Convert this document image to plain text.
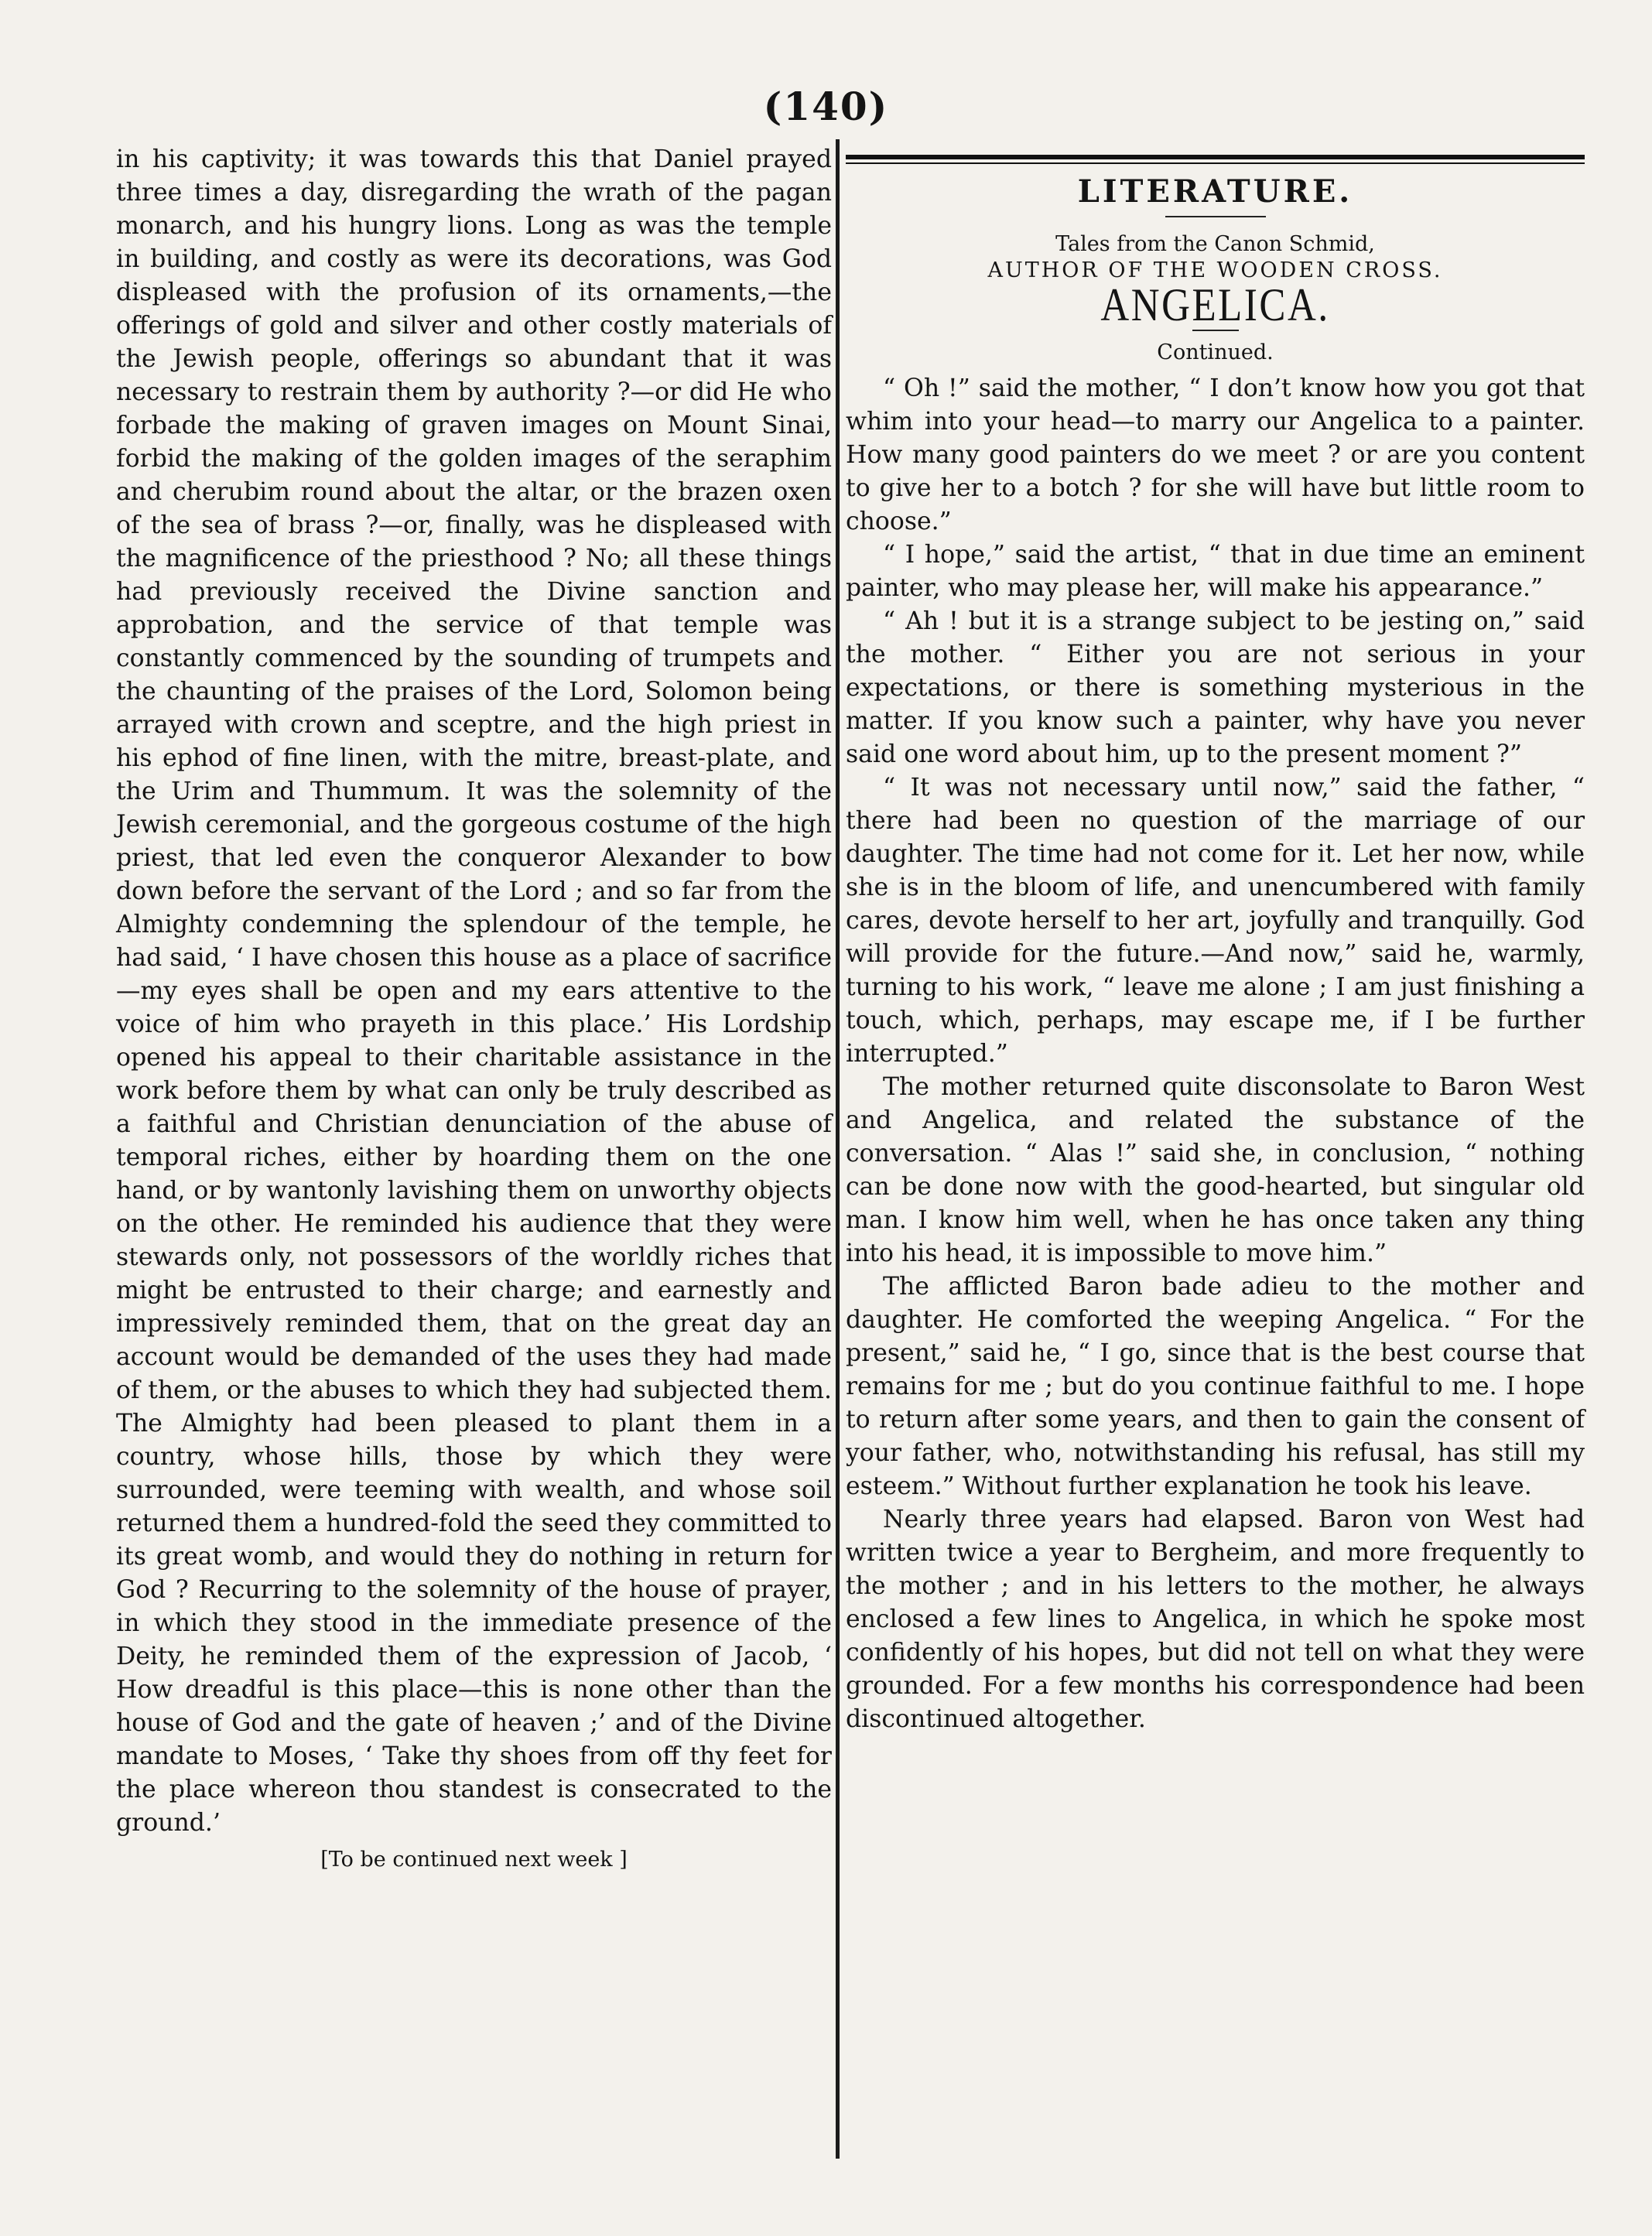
(140)

in his captivity; it was towards this that Daniel prayed three times a day, disregarding the wrath of the pagan monarch, and his hungry lions. Long as was the temple in building, and costly as were its decorations, was God displeased with the profusion of its ornaments,—the offerings of gold and silver and other costly materials of the Jewish people, offerings so abundant that it was necessary to restrain them by authority ?—or did He who forbade the making of graven images on Mount Sinai, forbid the making of the golden images of the seraphim and cherubim round about the altar, or the brazen oxen of the sea of brass ?—or, finally, was he displeased with the magnificence of the priesthood ? No; all these things had previously received the Divine sanction and approbation, and the service of that temple was constantly commenced by the sounding of trumpets and the chaunting of the praises of the Lord, Solomon being arrayed with crown and sceptre, and the high priest in his ephod of fine linen, with the mitre, breast-plate, and the Urim and Thummum. It was the solemnity of the Jewish ceremonial, and the gorgeous costume of the high priest, that led even the conqueror Alexander to bow down before the servant of the Lord ; and so far from the Almighty condemning the splendour of the temple, he had said, ‘ I have chosen this house as a place of sacrifice —my eyes shall be open and my ears attentive to the voice of him who prayeth in this place.’ His Lordship opened his appeal to their charitable assistance in the work before them by what can only be truly described as a faithful and Christian denunciation of the abuse of temporal riches, either by hoarding them on the one hand, or by wantonly lavishing them on unworthy objects on the other. He reminded his audience that they were stewards only, not possessors of the worldly riches that might be entrusted to their charge; and earnestly and impressively reminded them, that on the great day an account would be demanded of the uses they had made of them, or the abuses to which they had subjected them. The Almighty had been pleased to plant them in a country, whose hills, those by which they were surrounded, were teeming with wealth, and whose soil returned them a hundred-fold the seed they committed to its great womb, and would they do nothing in return for God ? Recurring to the solemnity of the house of prayer, in which they stood in the immediate presence of the Deity, he reminded them of the expression of Jacob, ‘ How dreadful is this place—this is none other than the house of God and the gate of heaven ;’ and of the Divine mandate to Moses, ‘ Take thy shoes from off thy feet for the place whereon thou standest is consecrated to the ground.’

[To be continued next week ]
LITERATURE.
Tales from the Canon Schmid,
AUTHOR OF THE WOODEN CROSS.
ANGELICA.
Continued.

“ Oh !” said the mother, “ I don’t know how you got that whim into your head—to marry our Angelica to a painter. How many good painters do we meet ? or are you content to give her to a botch ? for she will have but little room to choose.”

“ I hope,” said the artist, “ that in due time an eminent painter, who may please her, will make his appearance.”

“ Ah ! but it is a strange subject to be jesting on,” said the mother. “ Either you are not serious in your expectations, or there is something mysterious in the matter. If you know such a painter, why have you never said one word about him, up to the present moment ?”

“ It was not necessary until now,” said the father, “ there had been no question of the marriage of our daughter. The time had not come for it. Let her now, while she is in the bloom of life, and unencumbered with family cares, devote herself to her art, joyfully and tranquilly. God will provide for the future.—And now,” said he, warmly, turning to his work, “ leave me alone ; I am just finishing a touch, which, perhaps, may escape me, if I be further interrupted.”

The mother returned quite disconsolate to Baron West and Angelica, and related the substance of the conversation. “ Alas !” said she, in conclusion, “ nothing can be done now with the good-hearted, but singular old man. I know him well, when he has once taken any thing into his head, it is impossible to move him.”

The afflicted Baron bade adieu to the mother and daughter. He comforted the weeping Angelica. “ For the present,” said he, “ I go, since that is the best course that remains for me ; but do you continue faithful to me. I hope to return after some years, and then to gain the consent of your father, who, notwithstanding his refusal, has still my esteem.” Without further explanation he took his leave.

Nearly three years had elapsed. Baron von West had written twice a year to Bergheim, and more frequently to the mother ; and in his letters to the mother, he always enclosed a few lines to Angelica, in which he spoke most confidently of his hopes, but did not tell on what they were grounded. For a few months his correspondence had been discontinued altogether.
